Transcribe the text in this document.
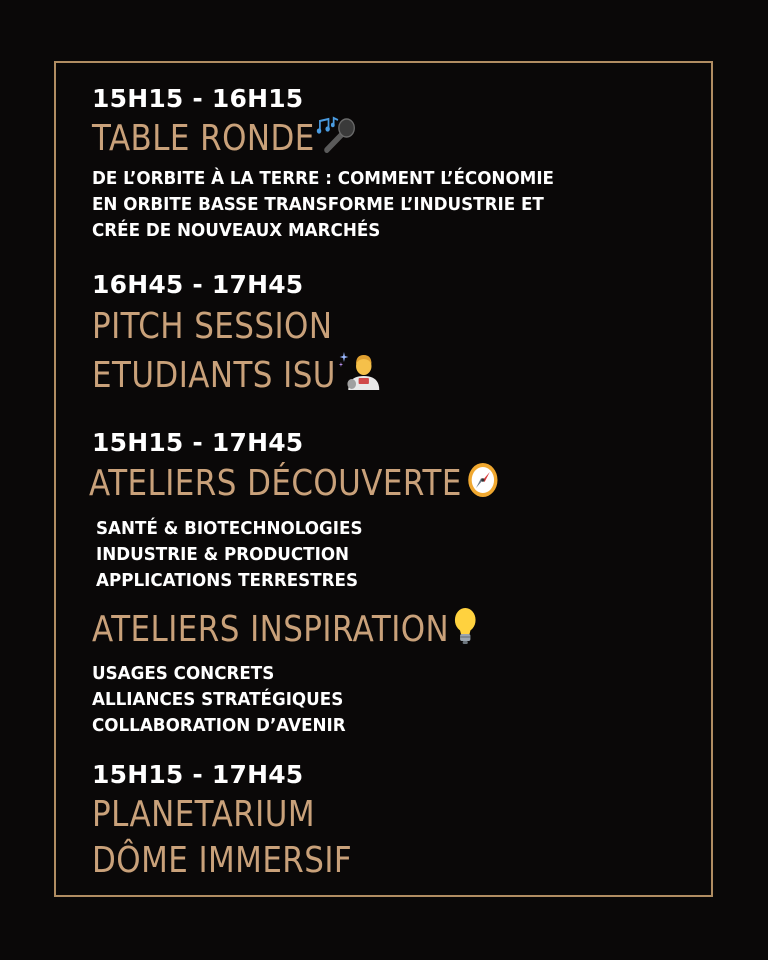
15H15 - 16H15
TABLE RONDE
DE L’ORBITE À LA TERRE : COMMENT L’ÉCONOMIE
EN ORBITE BASSE TRANSFORME L’INDUSTRIE ET
CRÉE DE NOUVEAUX MARCHÉS
16H45 - 17H45
PITCH SESSION
ETUDIANTS ISU
15H15 - 17H45
ATELIERS DÉCOUVERTE
SANTÉ & BIOTECHNOLOGIES
INDUSTRIE & PRODUCTION
APPLICATIONS TERRESTRES
ATELIERS INSPIRATION
USAGES CONCRETS
ALLIANCES STRATÉGIQUES
COLLABORATION D’AVENIR
15H15 - 17H45
PLANETARIUM
DÔME IMMERSIF
